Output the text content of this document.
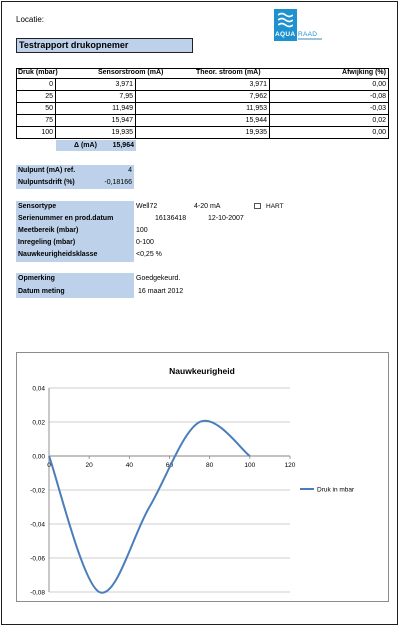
Locatie:
AQUA RAAD
Testrapport drukopnemer
Druk (mbar)	Sensorstroom (mA)	Theor. stroom (mA)	Afwijking (%)
0	3,971	3,971	0,00
25	7,95	7,962	-0,08
50	11,949	11,953	-0,03
75	15,947	15,944	0,02
100	19,935	19,935	0,00
Δ (mA)	15,964
Nulpunt (mA) ref.	4
Nulpuntsdrift (%)	-0,18166
Sensortype	Well72	4-20 mA	HART
Serienummer en prod.datum	16136418	12-10-2007
Meetbereik (mbar)	100
Inregeling (mbar)	0-100
Nauwkeurigheidsklasse	<0,25 %
Opmerking	Goedgekeurd.
Datum meting	16 maart 2012
Nauwkeurigheid
0,04
0,02
0,00
-0,02
-0,04
-0,06
-0,08
0	20	40	60	80	100	120
Druk in mbar
